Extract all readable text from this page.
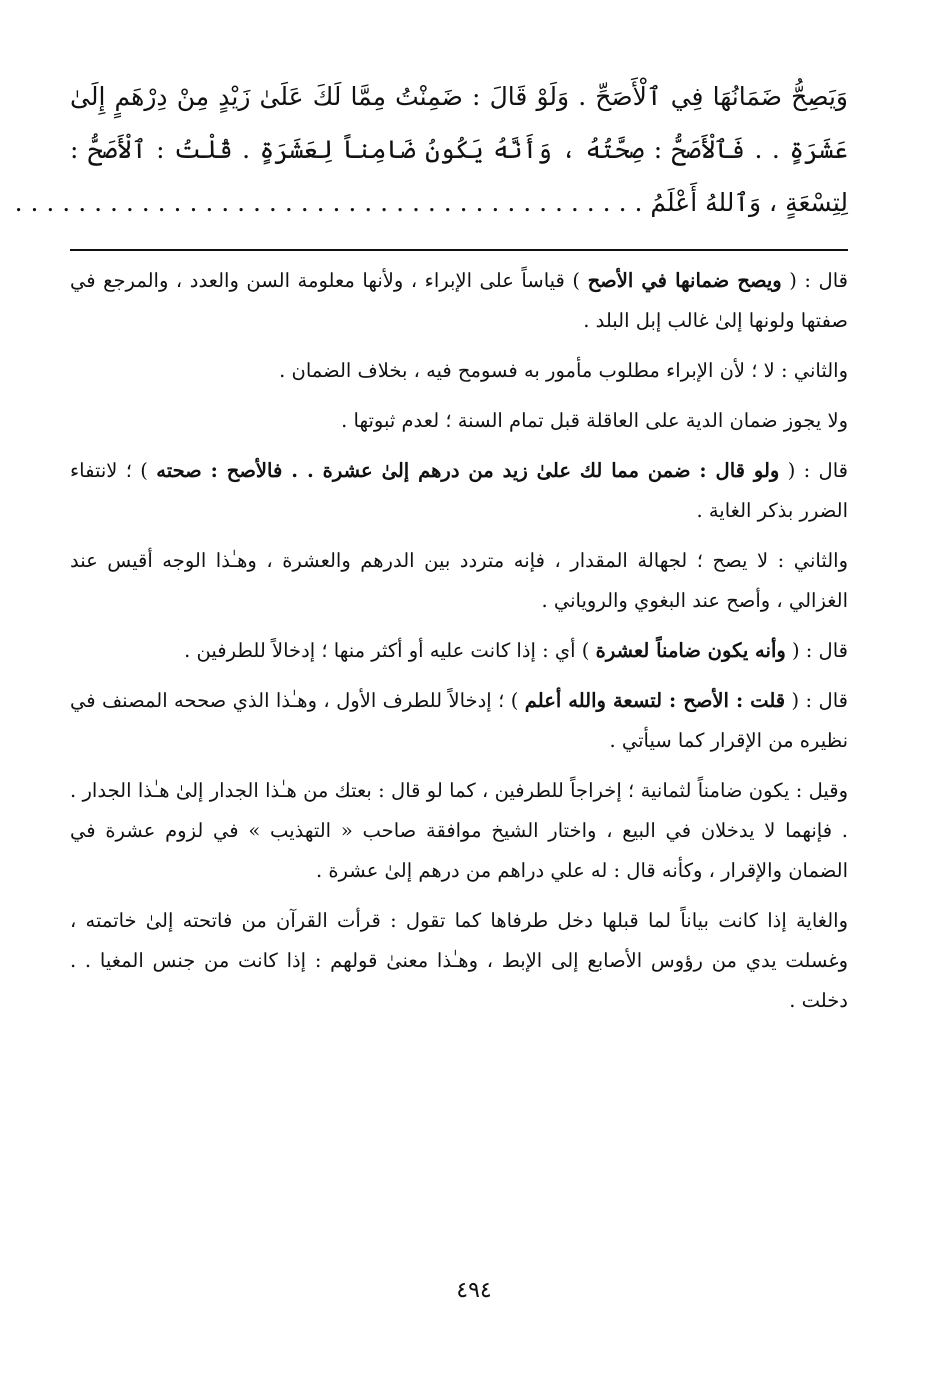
وَيَصِحُّ ضَمَانُهَا فِي ٱلْأَصَحِّ . وَلَوْ قَالَ : ضَمِنْتُ مِمَّا لَكَ عَلَىٰ زَيْدٍ مِنْ دِرْهَمٍ إِلَىٰ
عَشَرَةٍ . . فَٱلْأَصَحُّ : صِحَّتُهُ ، وَأَنَّهُ يَكُونُ ضَامِناً لِعَشَرَةٍ . قُلْتُ : ٱلْأَصَحُّ :
لِتِسْعَةٍ ، وَٱللهُ أَعْلَمُ . . . . . . . . . . . . . . . . . . . . . . . . . . . . . . . . . . . . . . . .

قال : ( ويصح ضمانها في الأصح ) قياساً على الإبراء ، ولأنها معلومة السن والعدد ، والمرجع في صفتها ولونها إلىٰ غالب إبل البلد .

والثاني : لا ؛ لأن الإبراء مطلوب مأمور به فسومح فيه ، بخلاف الضمان .

ولا يجوز ضمان الدية على العاقلة قبل تمام السنة ؛ لعدم ثبوتها .

قال : ( ولو قال : ضمن مما لك علىٰ زيد من درهم إلىٰ عشرة . . فالأصح : صحته ) ؛ لانتفاء الضرر بذكر الغاية .

والثاني : لا يصح ؛ لجهالة المقدار ، فإنه متردد بين الدرهم والعشرة ، وهـٰذا الوجه أقيس عند الغزالي ، وأصح عند البغوي والروياني .

قال : ( وأنه يكون ضامناً لعشرة ) أي : إذا كانت عليه أو أكثر منها ؛ إدخالاً للطرفين .

قال : ( قلت : الأصح : لتسعة والله أعلم ) ؛ إدخالاً للطرف الأول ، وهـٰذا الذي صححه المصنف في نظيره من الإقرار كما سيأتي .

وقيل : يكون ضامناً لثمانية ؛ إخراجاً للطرفين ، كما لو قال : بعتك من هـٰذا الجدار إلىٰ هـٰذا الجدار . . فإنهما لا يدخلان في البيع ، واختار الشيخ موافقة صاحب « التهذيب » في لزوم عشرة في الضمان والإقرار ، وكأنه قال : له علي دراهم من درهم إلىٰ عشرة .

والغاية إذا كانت بياناً لما قبلها دخل طرفاها كما تقول : قرأت القرآن من فاتحته إلىٰ خاتمته ، وغسلت يدي من رؤوس الأصابع إلى الإبط ، وهـٰذا معنىٰ قولهم : إذا كانت من جنس المغيا . . دخلت .

٤٩٤
